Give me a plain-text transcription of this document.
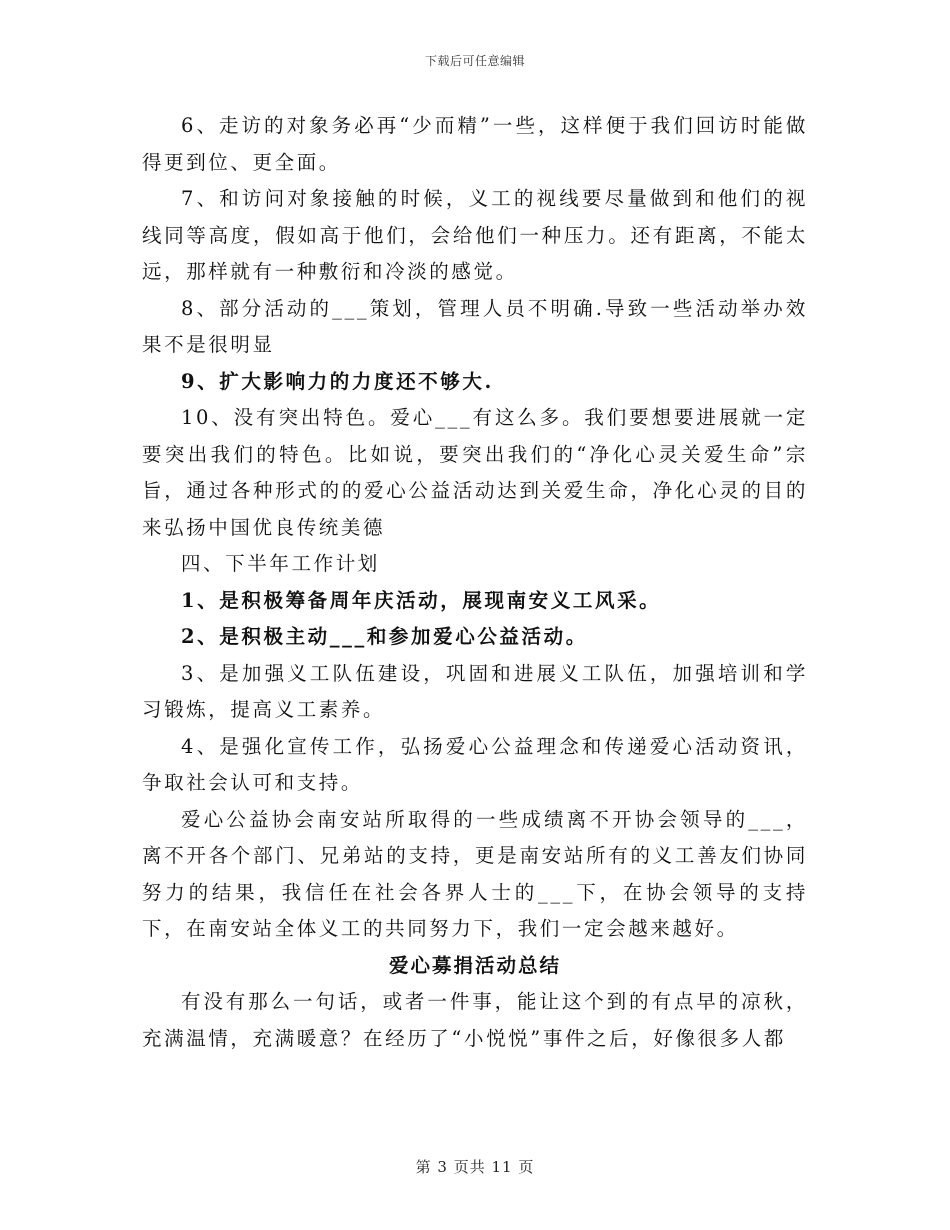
下载后可任意编辑

6、走访的对象务必再“少而精”一些，这样便于我们回访时能做得更到位、更全面。

7、和访问对象接触的时候，义工的视线要尽量做到和他们的视线同等高度，假如高于他们，会给他们一种压力。还有距离，不能太远，那样就有一种敷衍和冷淡的感觉。

8、部分活动的___策划，管理人员不明确.导致一些活动举办效果不是很明显

9、扩大影响力的力度还不够大.

10、没有突出特色。爱心___有这么多。我们要想要进展就一定要突出我们的特色。比如说，要突出我们的“净化心灵关爱生命”宗旨，通过各种形式的的爱心公益活动达到关爱生命，净化心灵的目的来弘扬中国优良传统美德

四、下半年工作计划

1、是积极筹备周年庆活动，展现南安义工风采。

2、是积极主动___和参加爱心公益活动。

3、是加强义工队伍建设，巩固和进展义工队伍，加强培训和学习锻炼，提高义工素养。

4、是强化宣传工作，弘扬爱心公益理念和传递爱心活动资讯，争取社会认可和支持。

爱心公益协会南安站所取得的一些成绩离不开协会领导的___，离不开各个部门、兄弟站的支持，更是南安站所有的义工善友们协同努力的结果，我信任在社会各界人士的___下，在协会领导的支持下，在南安站全体义工的共同努力下，我们一定会越来越好。

爱心募捐活动总结

有没有那么一句话，或者一件事，能让这个到的有点早的凉秋，充满温情，充满暖意？在经历了“小悦悦”事件之后，好像很多人都

第 3 页共 11 页
